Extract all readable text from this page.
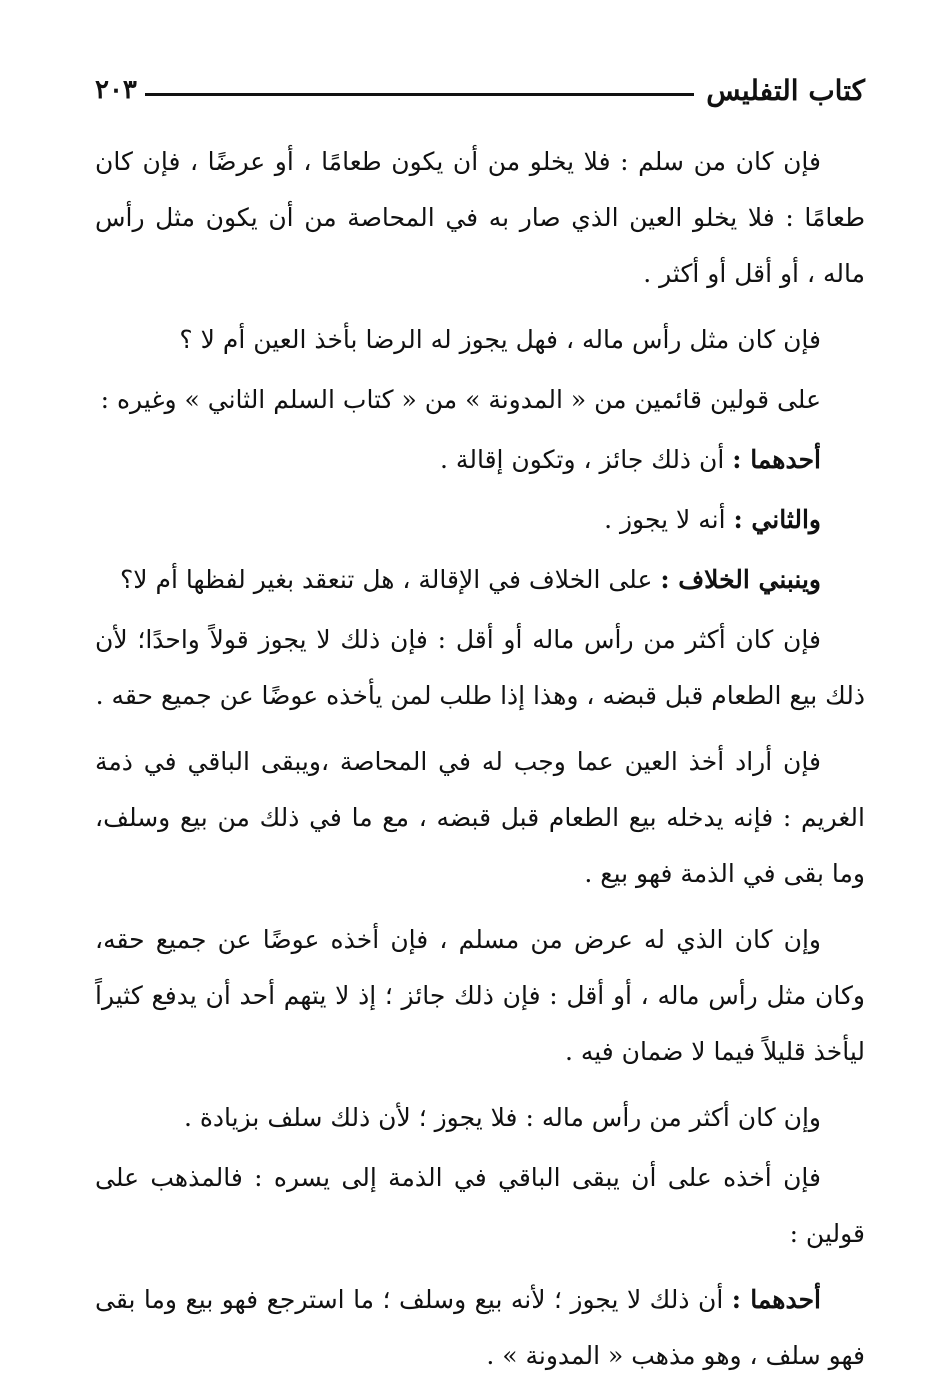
كتاب التفليس
٢٠٣

فإن كان من سلم : فلا يخلو من أن يكون طعامًا ، أو عرضًا ، فإن كان طعامًا : فلا يخلو العين الذي صار به في المحاصة من أن يكون مثل رأس ماله ، أو أقل أو أكثر .

فإن كان مثل رأس ماله ، فهل يجوز له الرضا بأخذ العين أم لا ؟

على قولين قائمين من « المدونة » من « كتاب السلم الثاني » وغيره :

أحدهما : أن ذلك جائز ، وتكون إقالة .

والثاني : أنه لا يجوز .

وينبني الخلاف : على الخلاف في الإقالة ، هل تنعقد بغير لفظها أم لا؟

فإن كان أكثر من رأس ماله أو أقل : فإن ذلك لا يجوز قولاً واحدًا؛ لأن ذلك بيع الطعام قبل قبضه ، وهذا إذا طلب لمن يأخذه عوضًا عن جميع حقه .

فإن أراد أخذ العين عما وجب له في المحاصة ،ويبقى الباقي في ذمة الغريم : فإنه يدخله بيع الطعام قبل قبضه ، مع ما في ذلك من بيع وسلف، وما بقى في الذمة فهو بيع .

وإن كان الذي له عرض من مسلم ، فإن أخذه عوضًا عن جميع حقه، وكان مثل رأس ماله ، أو أقل : فإن ذلك جائز ؛ إذ لا يتهم أحد أن يدفع كثيراً ليأخذ قليلاً فيما لا ضمان فيه .

وإن كان أكثر من رأس ماله : فلا يجوز ؛ لأن ذلك سلف بزيادة .

فإن أخذه على أن يبقى الباقي في الذمة إلى يسره : فالمذهب على قولين :

أحدهما : أن ذلك لا يجوز ؛ لأنه بيع وسلف ؛ ما استرجع فهو بيع وما بقى فهو سلف ، وهو مذهب « المدونة » .
